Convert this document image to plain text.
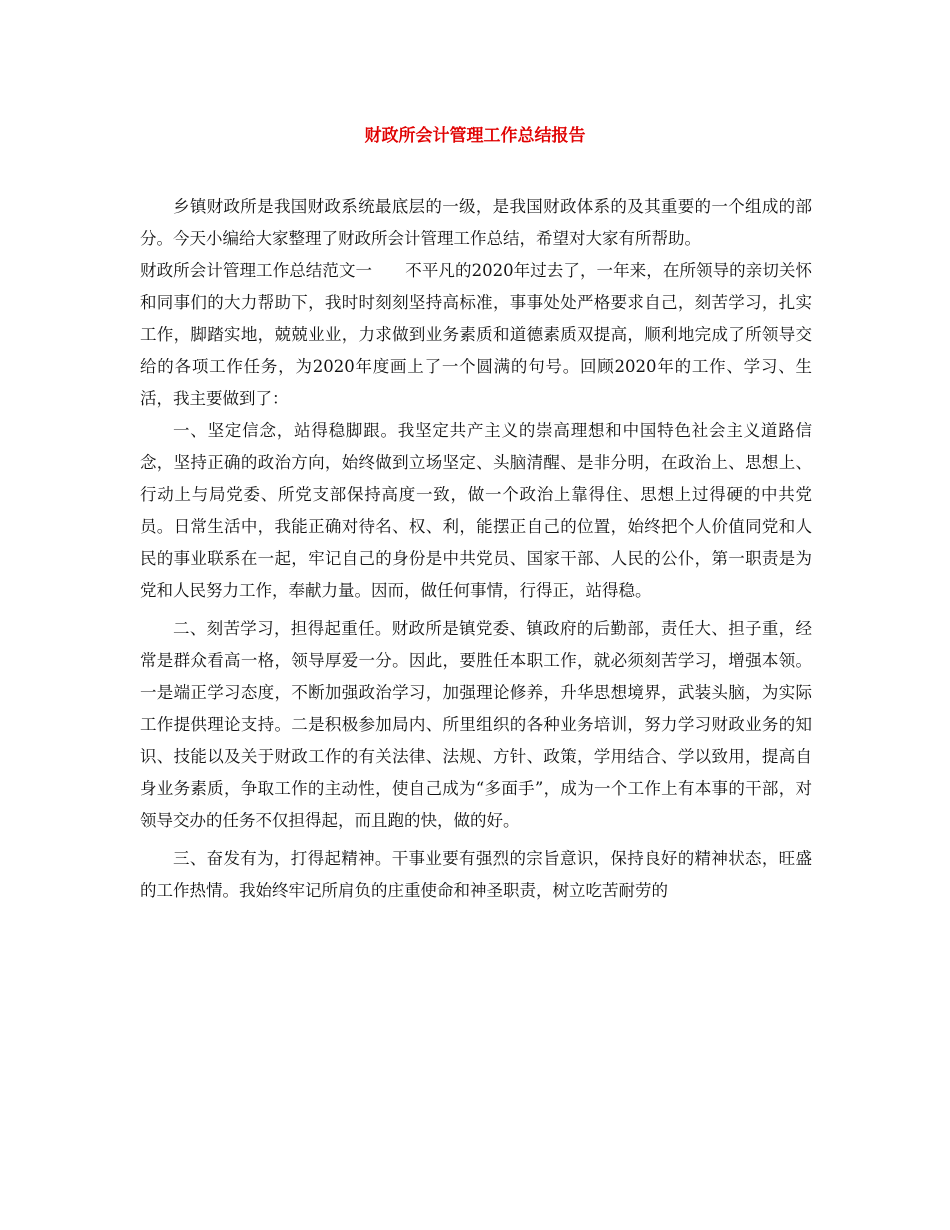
财政所会计管理工作总结报告

乡镇财政所是我国财政系统最底层的一级，是我国财政体系的及其重要的一个组成的部分。今天小编给大家整理了财政所会计管理工作总结，希望对大家有所帮助。

财政所会计管理工作总结范文一　　不平凡的2020年过去了，一年来，在所领导的亲切关怀和同事们的大力帮助下，我时时刻刻坚持高标准，事事处处严格要求自己，刻苦学习，扎实工作，脚踏实地，兢兢业业，力求做到业务素质和道德素质双提高，顺利地完成了所领导交给的各项工作任务，为2020年度画上了一个圆满的句号。回顾2020年的工作、学习、生活，我主要做到了：

一、坚定信念，站得稳脚跟。我坚定共产主义的崇高理想和中国特色社会主义道路信念，坚持正确的政治方向，始终做到立场坚定、头脑清醒、是非分明，在政治上、思想上、行动上与局党委、所党支部保持高度一致，做一个政治上靠得住、思想上过得硬的中共党员。日常生活中，我能正确对待名、权、利，能摆正自己的位置，始终把个人价值同党和人民的事业联系在一起，牢记自己的身份是中共党员、国家干部、人民的公仆，第一职责是为党和人民努力工作，奉献力量。因而，做任何事情，行得正，站得稳。

二、刻苦学习，担得起重任。财政所是镇党委、镇政府的后勤部，责任大、担子重，经常是群众看高一格，领导厚爱一分。因此，要胜任本职工作，就必须刻苦学习，增强本领。一是端正学习态度，不断加强政治学习，加强理论修养，升华思想境界，武装头脑，为实际工作提供理论支持。二是积极参加局内、所里组织的各种业务培训，努力学习财政业务的知识、技能以及关于财政工作的有关法律、法规、方针、政策，学用结合、学以致用，提高自身业务素质，争取工作的主动性，使自己成为“多面手”，成为一个工作上有本事的干部，对领导交办的任务不仅担得起，而且跑的快，做的好。

三、奋发有为，打得起精神。干事业要有强烈的宗旨意识，保持良好的精神状态，旺盛的工作热情。我始终牢记所肩负的庄重使命和神圣职责，树立吃苦耐劳的
